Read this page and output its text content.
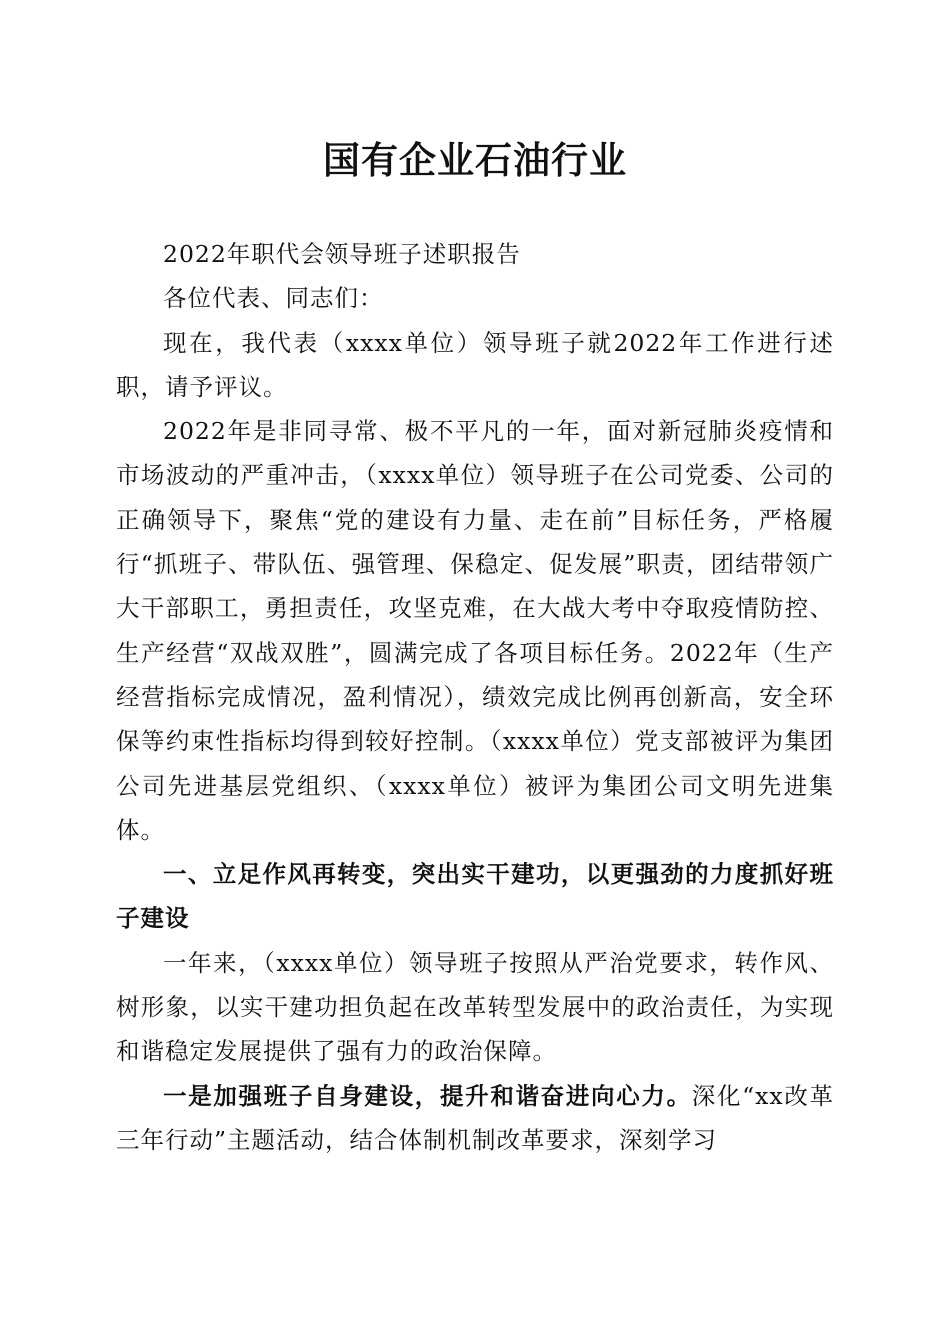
国有企业石油行业

2022年职代会领导班子述职报告

各位代表、同志们：

现在，我代表（xxxx单位）领导班子就2022年工作进行述职，请予评议。

2022年是非同寻常、极不平凡的一年，面对新冠肺炎疫情和市场波动的严重冲击，（xxxx单位）领导班子在公司党委、公司的正确领导下，聚焦“党的建设有力量、走在前”目标任务，严格履行“抓班子、带队伍、强管理、保稳定、促发展”职责，团结带领广大干部职工，勇担责任，攻坚克难，在大战大考中夺取疫情防控、生产经营“双战双胜”，圆满完成了各项目标任务。2022年（生产经营指标完成情况，盈利情况），绩效完成比例再创新高，安全环保等约束性指标均得到较好控制。（xxxx单位）党支部被评为集团公司先进基层党组织、（xxxx单位）被评为集团公司文明先进集体。

一、立足作风再转变，突出实干建功，以更强劲的力度抓好班子建设

一年来，（xxxx单位）领导班子按照从严治党要求，转作风、树形象，以实干建功担负起在改革转型发展中的政治责任，为实现和谐稳定发展提供了强有力的政治保障。

一是加强班子自身建设，提升和谐奋进向心力。深化“xx改革三年行动”主题活动，结合体制机制改革要求，深刻学习
